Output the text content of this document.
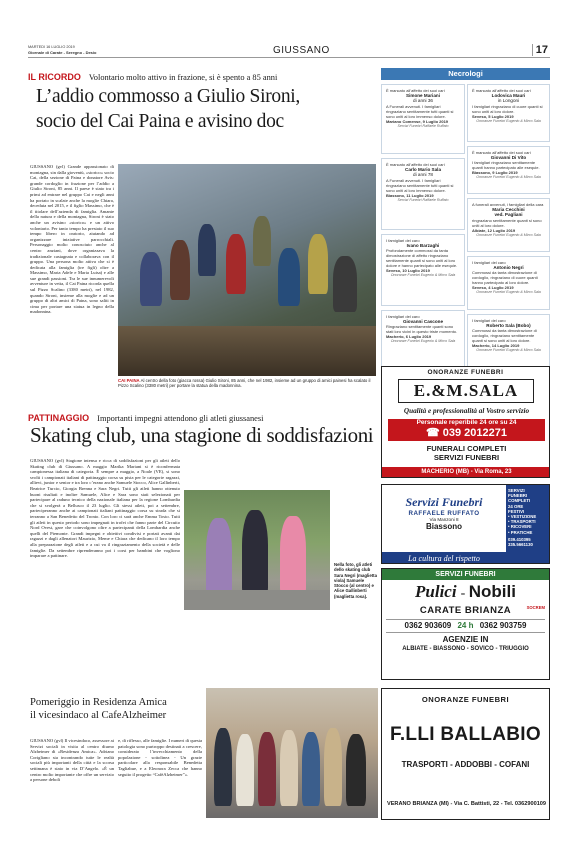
MARTEDI 16 LUGLIO 2019
Giornale di Carate - Seregno - Desio	GIUSSANO	17
IL RICORDO Volontario molto attivo in frazione, si è spento a 85 anni
L’addio commosso a Giulio Sironi,
socio del Cai Paina e avisino doc
GIUSSANO (gvl) Grande appassionato di montagna, sin dalla gioventù, «storico» socio Cai, della sezione di Paina e donatore Avis: grande cordoglio in frazione per l’addio a Giulio Sironi, 85 anni. Il paese è stato tra i primi ad entrare nel gruppo Cai e negli anni ha portato in scalate anche la moglie Chiara, deceduta nel 2015, e il figlio Massimo, che è il titolare dell’azienda di famiglia. Amante della natura e della montagna, Sironi è stato anche un avisino «storico» e un attivo volontario. Per tanto tempo ha prestato il suo tempo libero in oratorio, aiutando ad organizzare iniziative parrocchiali. Personaggio molto conosciuto anche al centro anziani, dove organizzava la tradizionale castagnata e collaborava con il gruppo. Una persona molto attiva che si è dedicata alla famiglia (tre figli) oltre a Massimo, Maria Adele e Maria Luisa) e alle sue grandi passioni. Tra le sue innumerevoli avventure in vetta, il Cai Paina ricorda quella sul Pizzo Scalino (3380 metri), nel 1982, quando Sironi, insieme alla moglie e ad un gruppo di altri amici di Paina, sono saliti in cima per portare una statua in legno della madonnina.
CAI PAINA Al centro della foto (giacca rossa) Giulio Sironi, 85 anni, che nel 1982, insieme ad un gruppo di amici painesi ha scalato il Pizzo Scalino (3380 metri) per portare la statua della madonnina.
Necrologi
È mancato all’affetto dei suoi cari
Simone Mariani
di anni 36
A Funerali avvenuti. I famigliari ringraziano sentitamente tutti quanti si sono uniti al loro immenso dolore.
Mariano Comense, 9 Luglio 2019
Servizi Funebri Raffaele Ruffato
È mancato all’affetto dei suoi cari
Carlo Mario Sala
di anni 78
A Funerali avvenuti. I famigliari ringraziano sentitamente tutti quanti si sono uniti al loro immenso dolore.
Biassono, 11 Luglio 2019
Servizi Funebri Raffaele Ruffato
I famigliari del caro
Ivano Barzaghi
Profondamente commossi da tanta dimostrazione di affetto ringraziano sentitamente quanti si sono uniti al loro dolore e hanno partecipato alle esequie.
Seveso, 10 Luglio 2019
Onoranze Funebri Eugenio & Mirco Sala
I famigliari del caro
Giovanni Cascone
Ringraziano sentitamente quanti sono stati loro vicini in questo triste momento.
Macherio, 6 Luglio 2019
Onoranze Funebri Eugenio & Mirco Sala
È mancato all’affetto dei suoi cari
Lodovica Mauri
in Longoni
I famigliari ringraziano di cuore quanti si sono uniti al loro dolore.
Seveso, 5 Luglio 2019
Onoranze Funebri Eugenio & Mirco Sala
È mancato all’affetto dei suoi cari
Giovanni Di Vito
I famigliari ringraziano sentitamente quanti hanno partecipato alle esequie.
Biassono, 9 Luglio 2019
Onoranze Funebri Eugenio & Mirco Sala
A funerali avvenuti, i famigliari della cara
Maria Cecchini
ved. Pagliani
ringraziano sentitamente quanti si sono uniti al loro dolore.
Albiate, 12 Luglio 2019
Onoranze Funebri Eugenio & Mirco Sala
I famigliari del caro
Antonio Negri
Commossi da tanta dimostrazione di cordoglio, ringraziano di cuore quanti hanno partecipato al loro dolore.
Seveso, 4 Luglio 2019
Onoranze Funebri Eugenio & Mirco Sala
I famigliari del caro
Roberto Sala (Bobo)
Commossi da tanta dimostrazione di cordoglio, ringraziano sentitamente quanti si sono uniti al loro dolore.
Macherio, 14 Luglio 2019
Onoranze Funebri Eugenio & Mirco Sala
ONORANZE FUNEBRI
E.&M.SALA
Qualità e professionalità al Vostro servizio
Personale reperibile 24 ore su 24
☎ 039 2012271
FUNERALI COMPLETI
SERVIZI FUNEBRI
MACHERIO (MB) - Via Roma, 23
PATTINAGGIO Importanti impegni attendono gli atleti giussanesi
Skating club, una stagione di soddisfazioni
GIUSSANO (gvl) Stagione intensa e ricca di soddisfazioni per gli atleti dello Skating club di Giussano. A maggio Marika Mariani si è riconfermata campionessa italiana di categoria. È sempre a maggio, a Noale (VE), si sono svolti i campionati italiani di pattinaggio corsa su pista per le categorie ragazzi, allievi, junior e senior e tra loro c’erano anche Samuele Stocco, Alice Gallinberti, Beatrice Turcio, Giorgia Brenna e Sara Negri. Tutti gli atleti hanno ottenuto buoni risultati e inoltre Samuele, Alice e Sara sono stati selezionati per partecipare al raduno tecnico della nazionale italiana per la regione Lombardia che si svolgerà a Bellusco il 23 luglio. Gli stessi atleti, poi a settembre, parteciperanno anche ai campionati italiani pattinaggio corsa su strada che si terranno a San Benedetto del Tronto. Con loro ci sarà anche Emma Tosto. Tutti gli atleti in questo periodo sono impegnati in trofei che fanno parte del Circuito Nord Ovest, gare che coinvolgono oltre a partecipanti della Lombardia anche quelli del Piemonte. Grandi impegni e obiettivi condivisi e portati avanti dai ragazzi e dagli allenatori Maurizio, Meme e Chiara che dedicano il loro tempo alla preparazione degli atleti e a cui va il ringraziamento della società e delle famiglie. Da settembre riprenderanno poi i corsi per bambini che vogliono imparare a pattinare.
Nella foto, gli atleti dello skating club Sara Negri (maglietta viola) Samuele Stocco (al centro) e Alice Gallinberti (maglietta rosa).
Servizi Funebri
RAFFAELE RUFFATO
Via Manzoni 8
Biassono
La cultura del rispetto
SERVIZI
FUNEBRI
COMPLETI
24 ORE
FESTIVI
• VESTIZIONE
• TRASPORTI
• RICOVERI
• PRATICHE
039.410395
335.5661130
SERVIZI FUNEBRI
Pulici - Nobili
CARATE BRIANZA
0362 903609 24 h 0362 903759
AGENZIE IN
ALBIATE - BIASSONO - SOVICO - TRIUGGIO
SOCREM
Pomeriggio in Residenza Amica
il vicesindaco al CafeAlzheimer
GIUSSANO (gvl) Il vicesindaco, assessore ai Servizi sociali in visita al centro diurno Alzheimer di «Residenza Amica». Adriano Corigliano sta incontrando tutte le realtà sociali più importanti della città e la scorsa settimana è stato in via D’Angelo. «È un centro molto importante che offre un servizio a persone deboli
e, di riflesso, alle famiglie. I numeri di questa patologia sono purtroppo destinati a crescere, considerato l’invecchiamento della popolazione - sottolinea - Un grazie particolare alla responsabile Benedetta Tagliabue, e a Eleonora Zecca che hanno seguito il progetto “CafèAlzheimer”».
ONORANZE FUNEBRI
F.LLI BALLABIO
TRASPORTI - ADDOBBI - COFANI
VERANO BRIANZA (MI) - Via C. Battisti, 22 - Tel. 0362900109
